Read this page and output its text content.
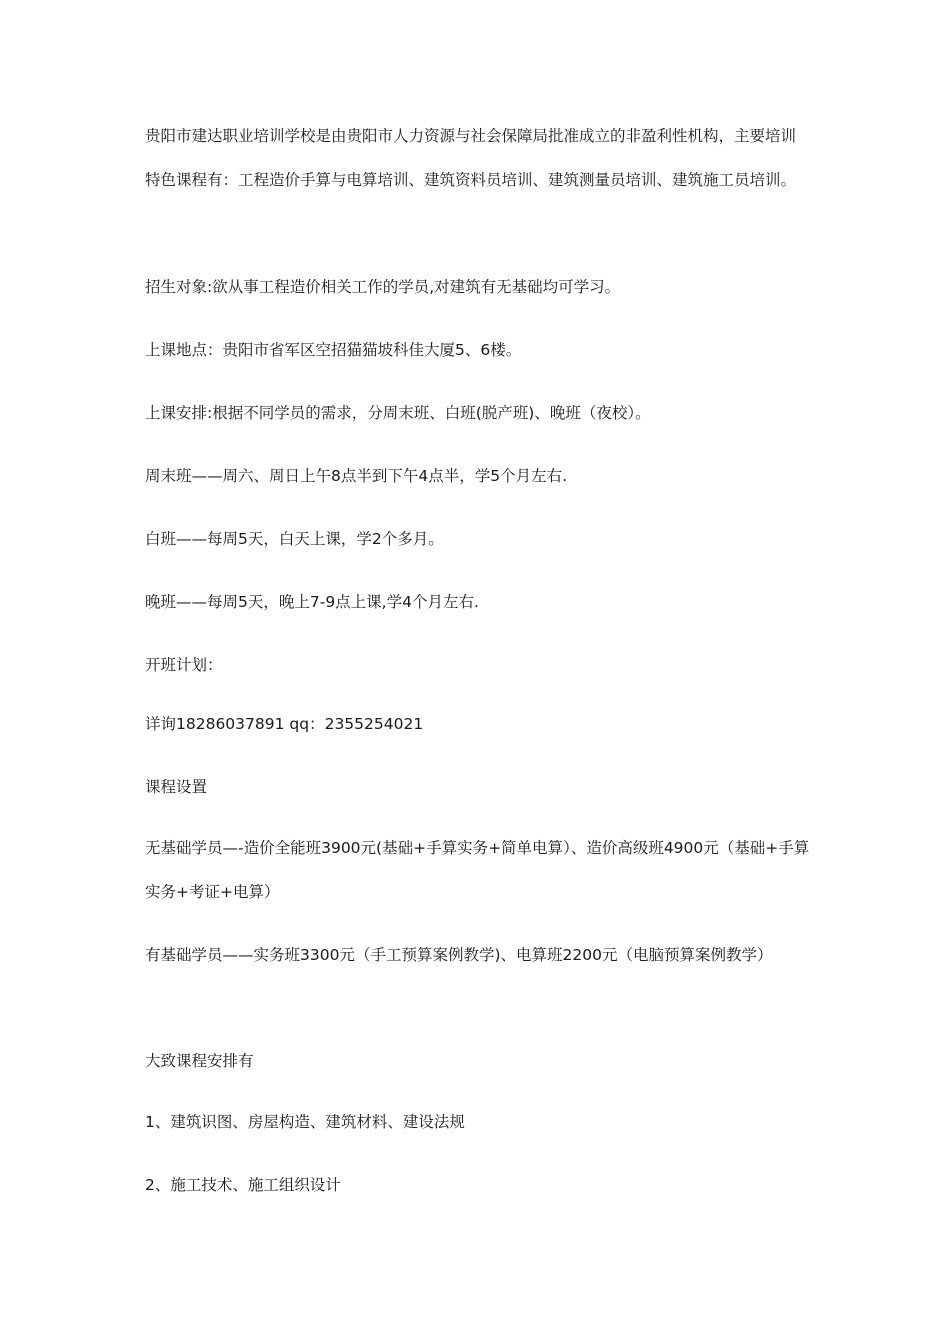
贵阳市建达职业培训学校是由贵阳市人力资源与社会保障局批准成立的非盈利性机构，主要培训特色课程有：工程造价手算与电算培训、建筑资料员培训、建筑测量员培训、建筑施工员培训。

招生对象:欲从事工程造价相关工作的学员,对建筑有无基础均可学习。

上课地点：贵阳市省军区空招猫猫坡科佳大厦5、6楼。

上课安排:根据不同学员的需求，分周末班、白班(脱产班)、晚班（夜校）。

周末班——周六、周日上午8点半到下午4点半，学5个月左右.

白班——每周5天，白天上课，学2个多月。

晚班——每周5天，晚上7-9点上课,学4个月左右.

开班计划：

详询18286037891 qq：2355254021

课程设置

无基础学员—-造价全能班3900元(基础+手算实务+简单电算）、造价高级班4900元（基础+手算实务+考证+电算）

有基础学员——实务班3300元（手工预算案例教学)、电算班2200元（电脑预算案例教学）

大致课程安排有

1、建筑识图、房屋构造、建筑材料、建设法规

2、施工技术、施工组织设计
